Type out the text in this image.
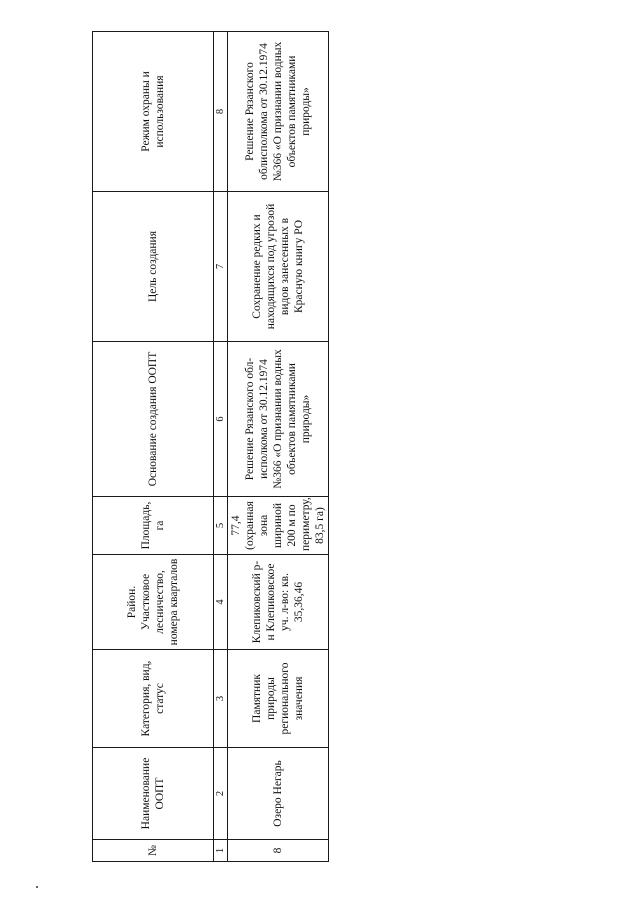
№	Наименование ООПТ	Категория, вид, статус	Район. Участковое лесничество, номера кварталов	Площадь, га	Основание создания ООПТ	Цель создания	Режим охраны и использования
1	2	3	4	5	6	7	8
8	Озеро Негарь	Памятник природы регионального значения	Клепиковский р-н Клепиковское уч. л-во: кв. 35,36,46	77,4 (охранная зона шириной 200 м по периметру, 83,5 га)	Решение Рязанского обл- исполкома от 30.12.1974 №366 «О признании водных объектов памятниками природы»	Сохранение редких и находящихся под угрозой видов занесенных в Красную книгу РО	Решение Рязанского облисполкома от 30.12.1974 №366 «О признании водных объектов памятниками природы»
